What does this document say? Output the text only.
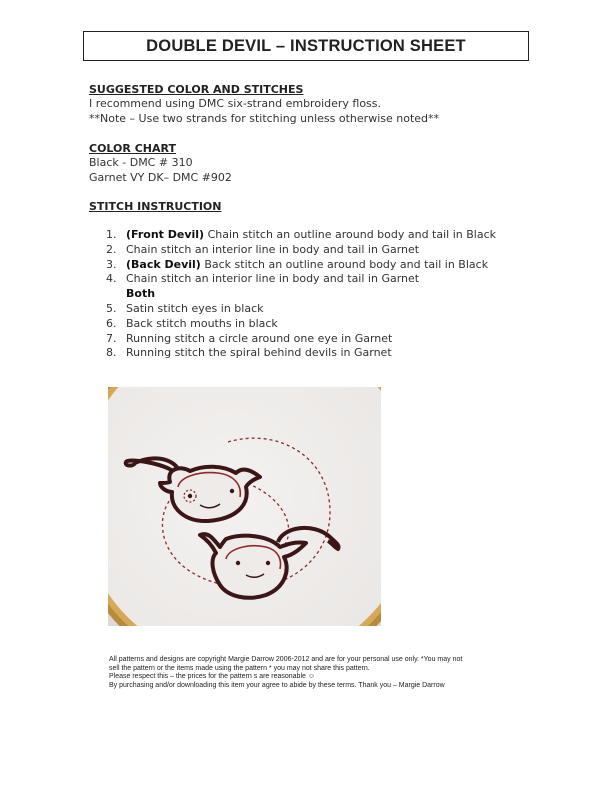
DOUBLE DEVIL – INSTRUCTION SHEET
SUGGESTED COLOR AND STITCHES
I recommend using DMC six-strand embroidery floss.
**Note – Use two strands for stitching unless otherwise noted**
COLOR CHART
Black - DMC # 310
Garnet VY DK– DMC #902
STITCH INSTRUCTION
1. (Front Devil) Chain stitch an outline around body and tail in Black
2. Chain stitch an interior line in body and tail in Garnet
3. (Back Devil) Back stitch an outline around body and tail in Black
4. Chain stitch an interior line in body and tail in Garnet
Both
5. Satin stitch eyes in black
6. Back stitch mouths in black
7. Running stitch a circle around one eye in Garnet
8. Running stitch the spiral behind devils in Garnet
All patterns and designs are copyright Margie Darrow 2006-2012 and are for your personal use only. *You may not
sell the pattern or the items made using the pattern * you may not share this pattern.
Please respect this – the prices for the pattern s are reasonable ☺
By purchasing and/or downloading this item your agree to abide by these terms. Thank you – Margie Darrow
